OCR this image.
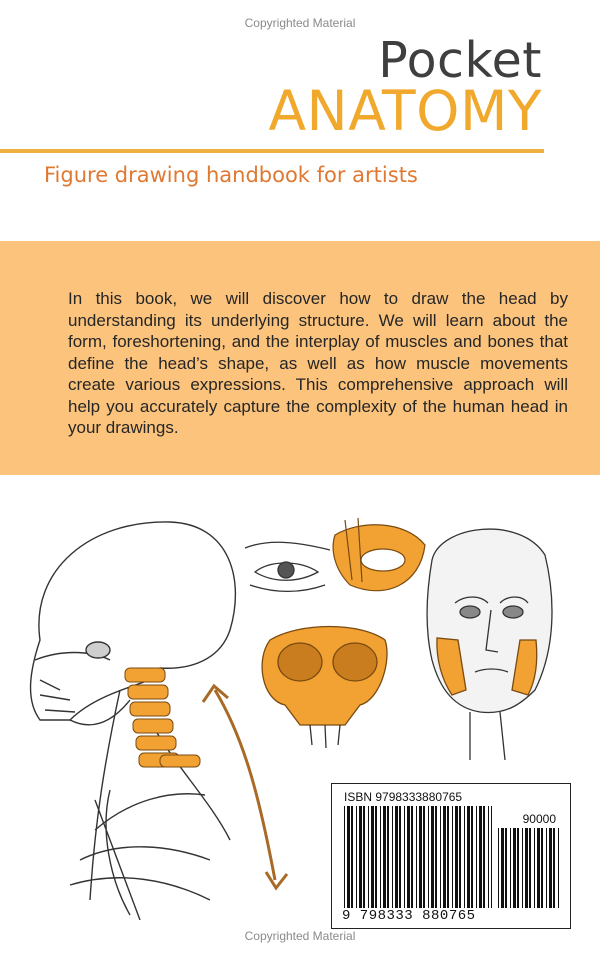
Copyrighted Material
Pocket
ANATOMY
Figure drawing handbook for artists
In this book, we will discover how to draw the head by understanding its underlying structure. We will learn about the form, foreshortening, and the interplay of muscles and bones that define the head’s shape, as well as how muscle movements create various expressions. This comprehensive approach will help you accurately capture the complexity of the human head in your drawings.
ISBN 9798333880765
90000
9 798333 880765
Copyrighted Material
